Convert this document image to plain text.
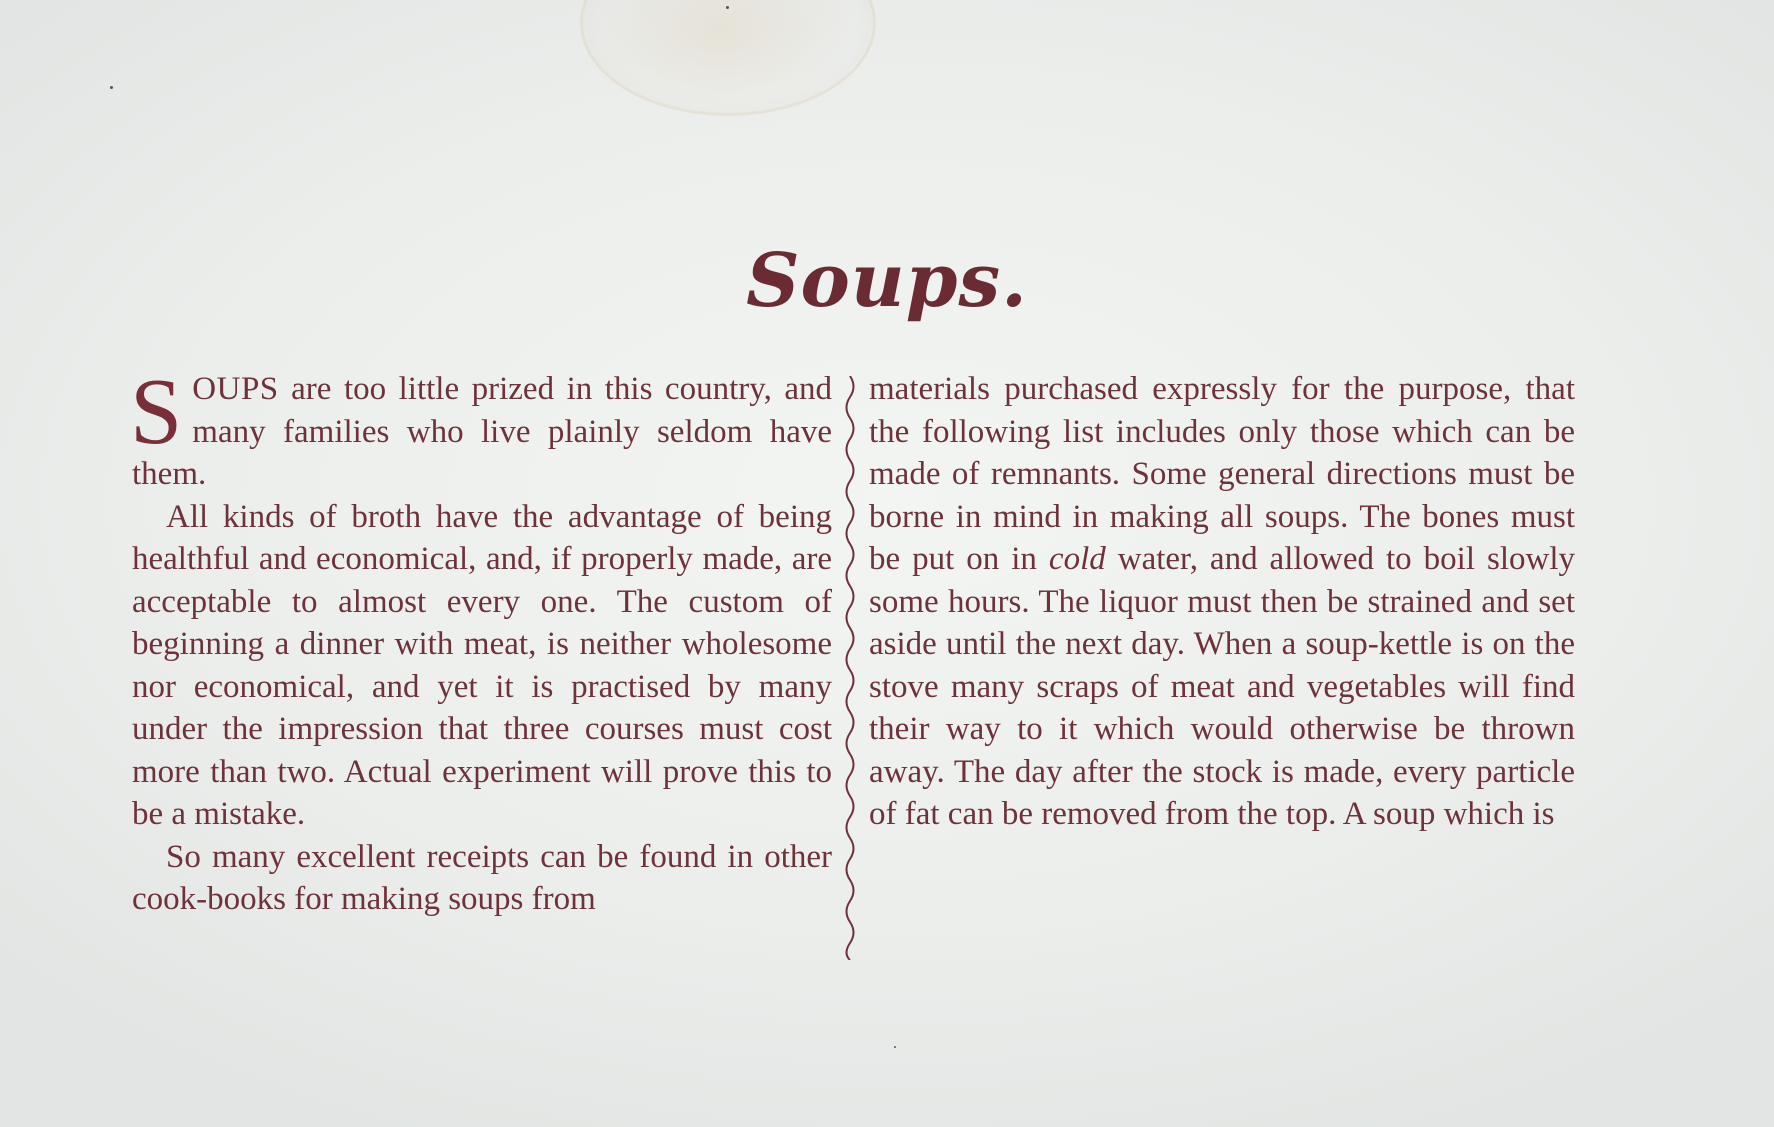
Soups.

SOUPS are too little prized in this country, and many families who live plainly seldom have them.

All kinds of broth have the advantage of being healthful and economical, and, if properly made, are acceptable to almost every one. The custom of beginning a dinner with meat, is neither wholesome nor economical, and yet it is practised by many under the impression that three courses must cost more than two. Actual experiment will prove this to be a mistake.

So many excellent receipts can be found in other cook-books for making soups from

materials purchased expressly for the purpose, that the following list includes only those which can be made of remnants. Some general directions must be borne in mind in making all soups. The bones must be put on in cold water, and allowed to boil slowly some hours. The liquor must then be strained and set aside until the next day. When a soup-kettle is on the stove many scraps of meat and vegetables will find their way to it which would otherwise be thrown away. The day after the stock is made, every particle of fat can be removed from the top. A soup which is
